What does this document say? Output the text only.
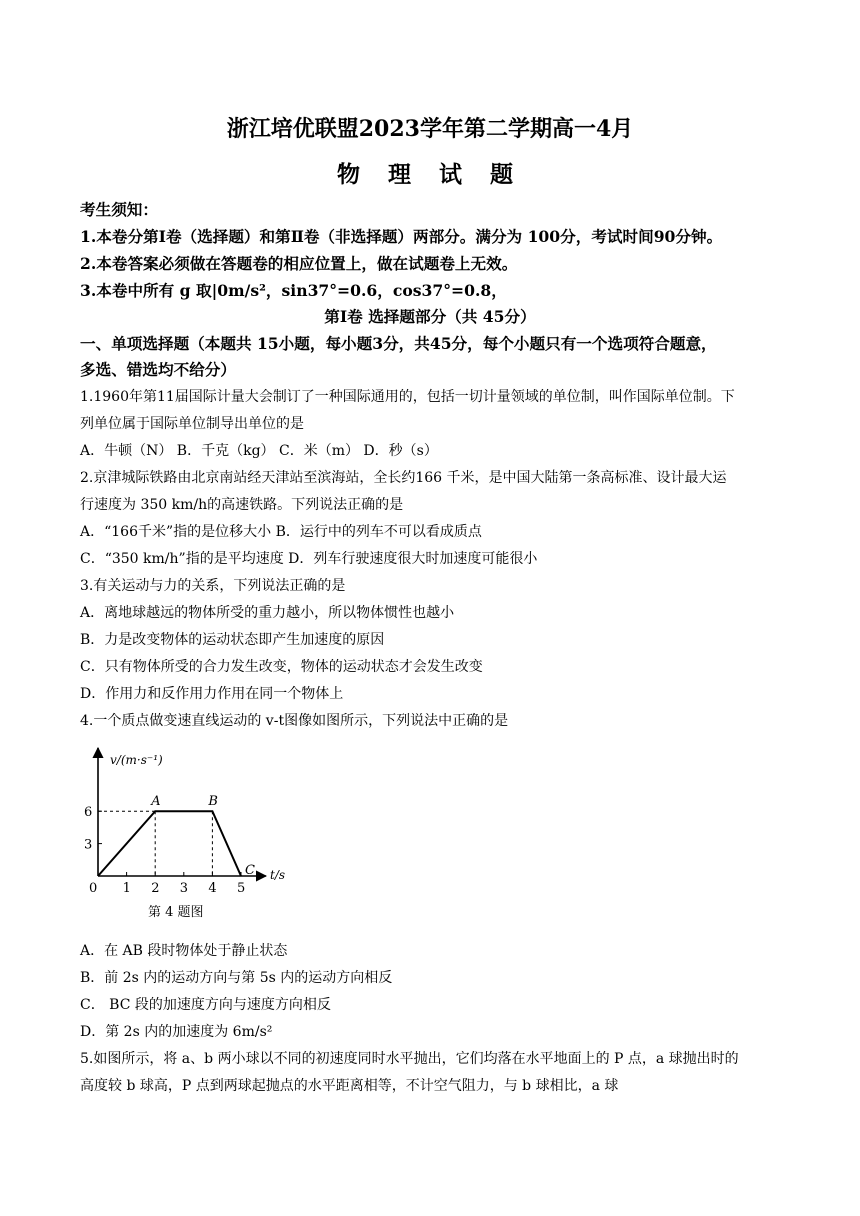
浙江培优联盟2023学年第二学期高一4月
物 理 试 题
考生须知：
1.本卷分第Ⅰ卷（选择题）和第Ⅱ卷（非选择题）两部分。满分为 100分，考试时间90分钟。
2.本卷答案必须做在答题卷的相应位置上，做在试题卷上无效。
3.本卷中所有 g 取|0m/s²，sin37°=0.6，cos37°=0.8，
第Ⅰ卷 选择题部分（共 45分）
一、单项选择题（本题共 15小题，每小题3分，共45分，每个小题只有一个选项符合题意，
多选、错选均不给分）
1.1960年第11届国际计量大会制订了一种国际通用的，包括一切计量领域的单位制，叫作国际单位制。下
列单位属于国际单位制导出单位的是
A．牛顿（N） B．千克（kg） C．米（m） D．秒（s）
2.京津城际铁路由北京南站经天津站至滨海站，全长约166 千米，是中国大陆第一条高标准、设计最大运
行速度为 350 km/h的高速铁路。下列说法正确的是
A．“166千米”指的是位移大小 B．运行中的列车不可以看成质点
C．“350 km/h”指的是平均速度 D．列车行驶速度很大时加速度可能很小
3.有关运动与力的关系，下列说法正确的是
A．离地球越远的物体所受的重力越小，所以物体惯性也越小
B．力是改变物体的运动状态即产生加速度的原因
C．只有物体所受的合力发生改变，物体的运动状态才会发生改变
D．作用力和反作用力作用在同一个物体上
4.一个质点做变速直线运动的 v-t图像如图所示，下列说法中正确的是
0 1 2 3 4 5
3
6
A	B
C
v/(m·s⁻¹)
t/s
第 4 题图
A．在 AB 段时物体处于静止状态
B．前 2s 内的运动方向与第 5s 内的运动方向相反
C． BC 段的加速度方向与速度方向相反
D．第 2s 内的加速度为 6m/s²
5.如图所示，将 a、b 两小球以不同的初速度同时水平抛出，它们均落在水平地面上的 P 点，a 球抛出时的
高度较 b 球高，P 点到两球起抛点的水平距离相等，不计空气阻力，与 b 球相比，a 球
